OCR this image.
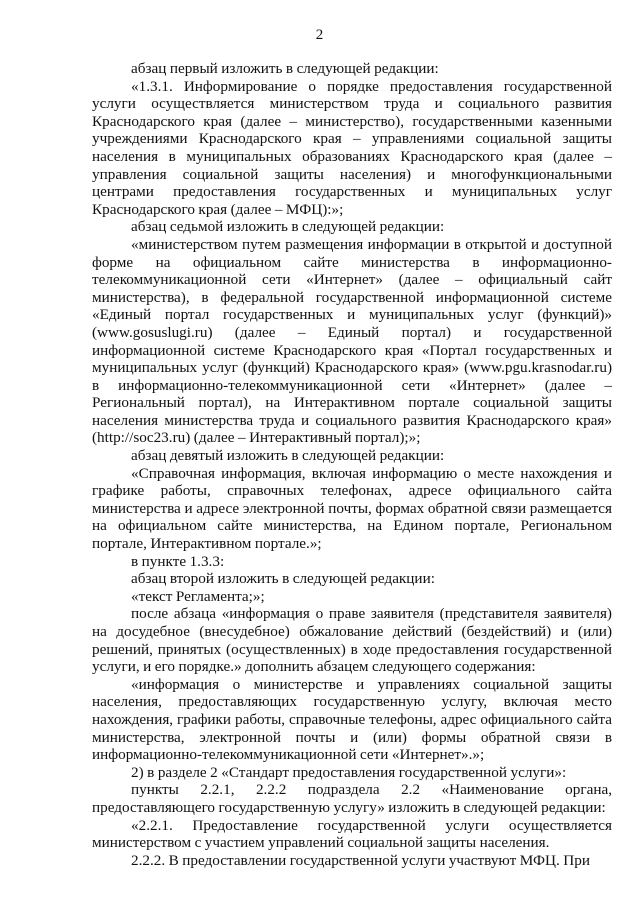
2

абзац первый изложить в следующей редакции:

«1.3.1. Информирование о порядке предоставления государственной услуги осуществляется министерством труда и социального развития Краснодарского края (далее – министерство), государственными казенными учреждениями Краснодарского края – управлениями социальной защиты населения в муниципальных образованиях Краснодарского края (далее – управления социальной защиты населения) и многофункциональными центрами предоставления государственных и муниципальных услуг Краснодарского края (далее – МФЦ):»;

абзац седьмой изложить в следующей редакции:

«министерством путем размещения информации в открытой и доступной форме на официальном сайте министерства в информационно-телекоммуникационной сети «Интернет» (далее – официальный сайт министерства), в федеральной государственной информационной системе «Единый портал государственных и муниципальных услуг (функций)» (www.gosuslugi.ru) (далее – Единый портал) и государственной информационной системе Краснодарского края «Портал государственных и муниципальных услуг (функций) Краснодарского края» (www.pgu.krasnodar.ru) в информационно-телекоммуникационной сети «Интернет» (далее – Региональный портал), на Интерактивном портале социальной защиты населения министерства труда и социального развития Краснодарского края» (http://soc23.ru) (далее – Интерактивный портал);»;

абзац девятый изложить в следующей редакции:

«Справочная информация, включая информацию о месте нахождения и графике работы, справочных телефонах, адресе официального сайта министерства и адресе электронной почты, формах обратной связи размещается на официальном сайте министерства, на Едином портале, Региональном портале, Интерактивном портале.»;

в пункте 1.3.3:

абзац второй изложить в следующей редакции:

«текст Регламента;»;

после абзаца «информация о праве заявителя (представителя заявителя) на досудебное (внесудебное) обжалование действий (бездействий) и (или) решений, принятых (осуществленных) в ходе предоставления государственной услуги, и его порядке.» дополнить абзацем следующего содержания:

«информация о министерстве и управлениях социальной защиты населения, предоставляющих государственную услугу, включая место нахождения, графики работы, справочные телефоны, адрес официального сайта министерства, электронной почты и (или) формы обратной связи в информационно-телекоммуникационной сети «Интернет».»;

2) в разделе 2 «Стандарт предоставления государственной услуги»:

пункты 2.2.1, 2.2.2 подраздела 2.2 «Наименование органа, предоставляющего государственную услугу» изложить в следующей редакции:

«2.2.1. Предоставление государственной услуги осуществляется министерством с участием управлений социальной защиты населения.

2.2.2. В предоставлении государственной услуги участвуют МФЦ. При
